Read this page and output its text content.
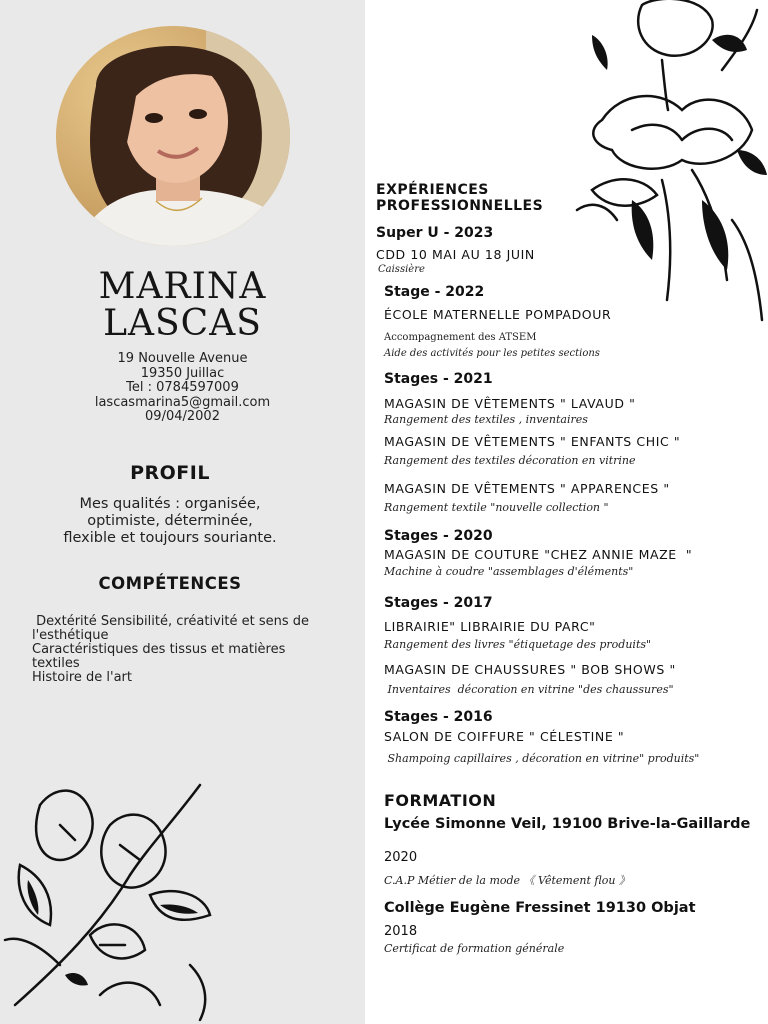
MARINA
LASCAS
19 Nouvelle Avenue
19350 Juillac
Tel : 0784597009
lascasmarina5@gmail.com
09/04/2002
PROFIL
Mes qualités : organisée,
optimiste, déterminée,
flexible et toujours souriante.
COMPÉTENCES
Dextérité Sensibilité, créativité et sens de
l'esthétique
Caractéristiques des tissus et matières
textiles
Histoire de l'art
EXPÉRIENCES
PROFESSIONNELLES
Super U - 2023
CDD 10 MAI AU 18 JUIN
Caissière
Stage - 2022
ÉCOLE MATERNELLE POMPADOUR
Accompagnement des ATSEM
Aide des activités pour les petites sections
Stages - 2021
MAGASIN DE VÊTEMENTS " LAVAUD "
Rangement des textiles , inventaires
MAGASIN DE VÊTEMENTS " ENFANTS CHIC "
Rangement des textiles décoration en vitrine
MAGASIN DE VÊTEMENTS " APPARENCES "
Rangement textile "nouvelle collection "
Stages - 2020
MAGASIN DE COUTURE "CHEZ ANNIE MAZE  "
Machine à coudre "assemblages d'éléments"
Stages - 2017
LIBRAIRIE" LIBRAIRIE DU PARC"
Rangement des livres "étiquetage des produits"
MAGASIN DE CHAUSSURES " BOB SHOWS "
Inventaires  décoration en vitrine "des chaussures"
Stages - 2016
SALON DE COIFFURE " CÉLESTINE "
Shampoing capillaires , décoration en vitrine" produits"
FORMATION
Lycée Simonne Veil, 19100 Brive-la-Gaillarde
2020
C.A.P Métier de la mode 《 Vêtement flou 》
Collège Eugène Fressinet 19130 Objat
2018
Certificat de formation générale
